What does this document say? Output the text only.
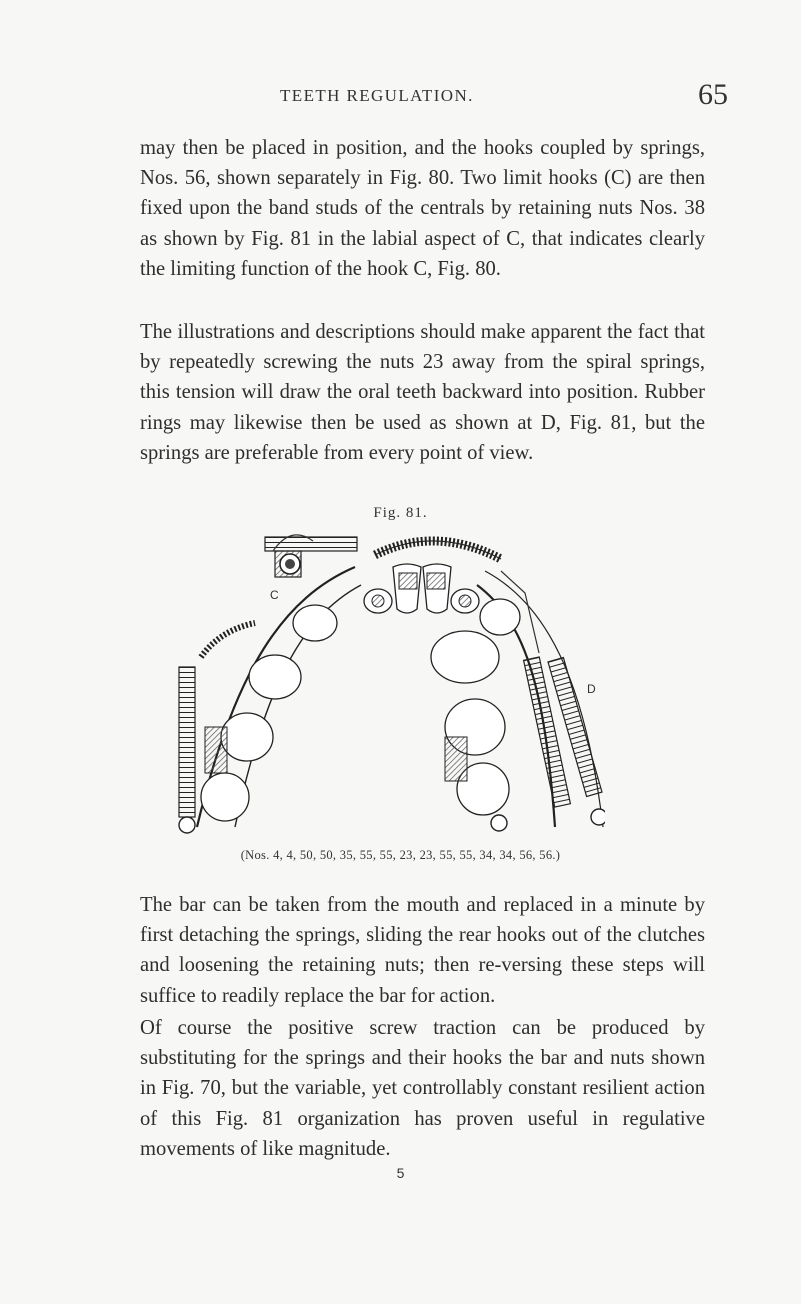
TEETH REGULATION.	65

may then be placed in position, and the hooks coupled by springs, Nos. 56, shown separately in Fig. 80. Two limit hooks (C) are then fixed upon the band studs of the centrals by retaining nuts Nos. 38 as shown by Fig. 81 in the labial aspect of C, that indicates clearly the limiting function of the hook C, Fig. 80.

The illustrations and descriptions should make apparent the fact that by repeatedly screwing the nuts 23 away from the spiral springs, this tension will draw the oral teeth backward into position. Rubber rings may likewise then be used as shown at D, Fig. 81, but the springs are preferable from every point of view.

Fig. 81.
C
D
(Nos. 4, 4, 50, 50, 35, 55, 55, 23, 23, 55, 55, 34, 34, 56, 56.)

The bar can be taken from the mouth and replaced in a minute by first detaching the springs, sliding the rear hooks out of the clutches and loosening the retaining nuts; then re-versing these steps will suffice to readily replace the bar for action.

Of course the positive screw traction can be produced by substituting for the springs and their hooks the bar and nuts shown in Fig. 70, but the variable, yet controllably constant resilient action of this Fig. 81 organization has proven useful in regulative movements of like magnitude.

5
